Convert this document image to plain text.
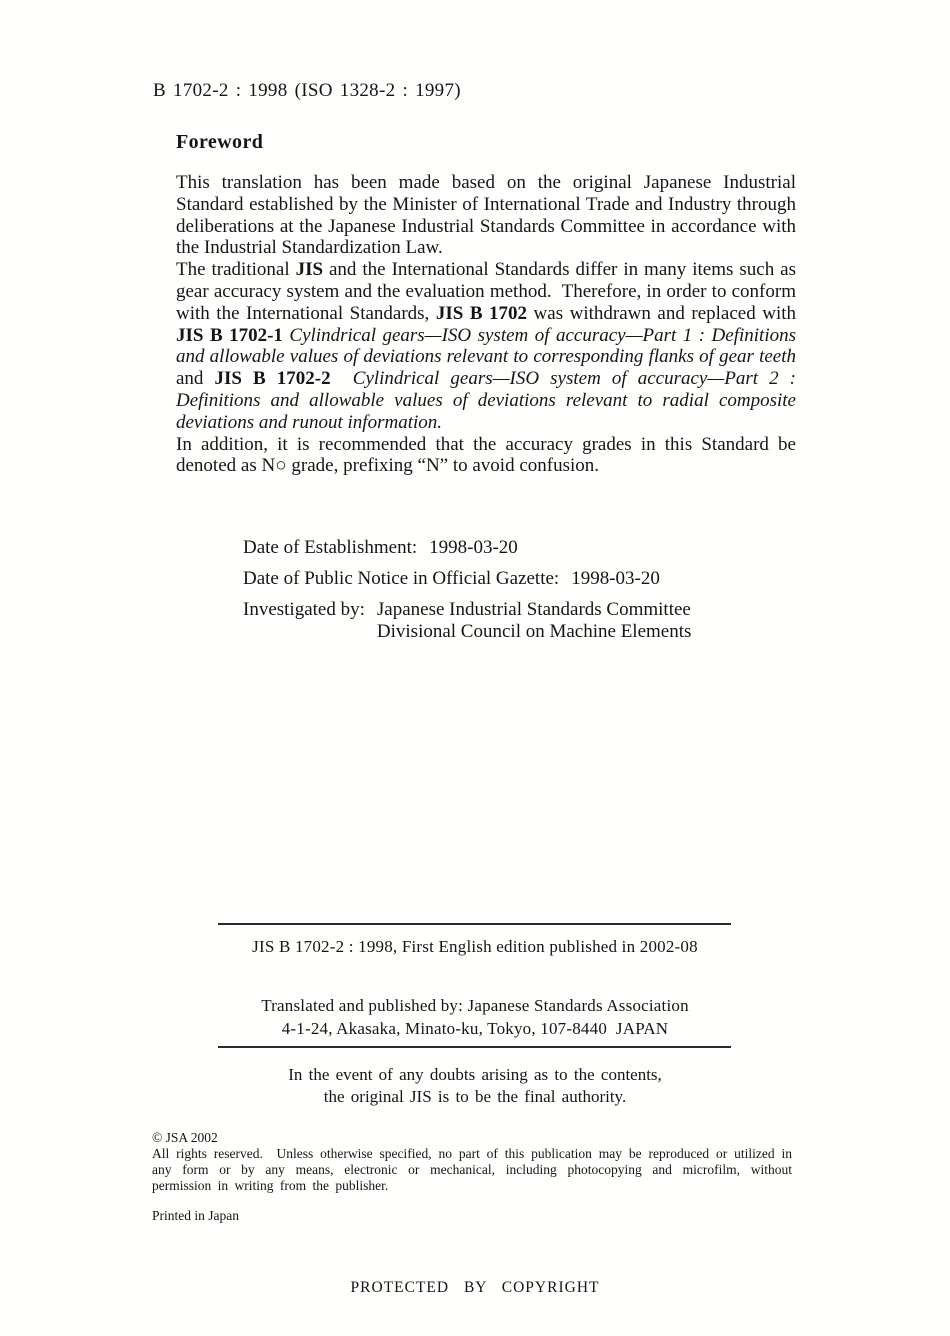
B 1702-2 : 1998 (ISO 1328-2 : 1997)
Foreword

This translation has been made based on the original Japanese Industrial Standard established by the Minister of International Trade and Industry through deliberations at the Japanese Industrial Standards Committee in accordance with the Industrial Standardization Law.

The traditional JIS and the International Standards differ in many items such as gear accuracy system and the evaluation method.  Therefore, in order to conform with the International Standards, JIS B 1702 was withdrawn and replaced with JIS B 1702-1 Cylindrical gears—ISO system of accuracy—Part 1 : Definitions and allowable values of deviations relevant to corresponding flanks of gear teeth and JIS B 1702-2  Cylindrical gears—ISO system of accuracy—Part 2 : Definitions and allowable values of deviations relevant to radial composite deviations and runout information.

In addition, it is recommended that the accuracy grades in this Standard be denoted as N○ grade, prefixing “N” to avoid confusion.

Date of Establishment: 1998-03-20
Date of Public Notice in Official Gazette: 1998-03-20
Investigated by: Japanese Industrial Standards Committee
Divisional Council on Machine Elements
JIS B 1702-2 : 1998, First English edition published in 2002-08
Translated and published by: Japanese Standards Association
4-1-24, Akasaka, Minato-ku, Tokyo, 107-8440  JAPAN
In the event of any doubts arising as to the contents,
the original JIS is to be the final authority.
© JSA 2002
All rights reserved.  Unless otherwise specified, no part of this publication may be reproduced or utilized in any form or by any means, electronic or mechanical, including photocopying and microfilm, without permission in writing from the publisher.
Printed in Japan
PROTECTED BY COPYRIGHT
